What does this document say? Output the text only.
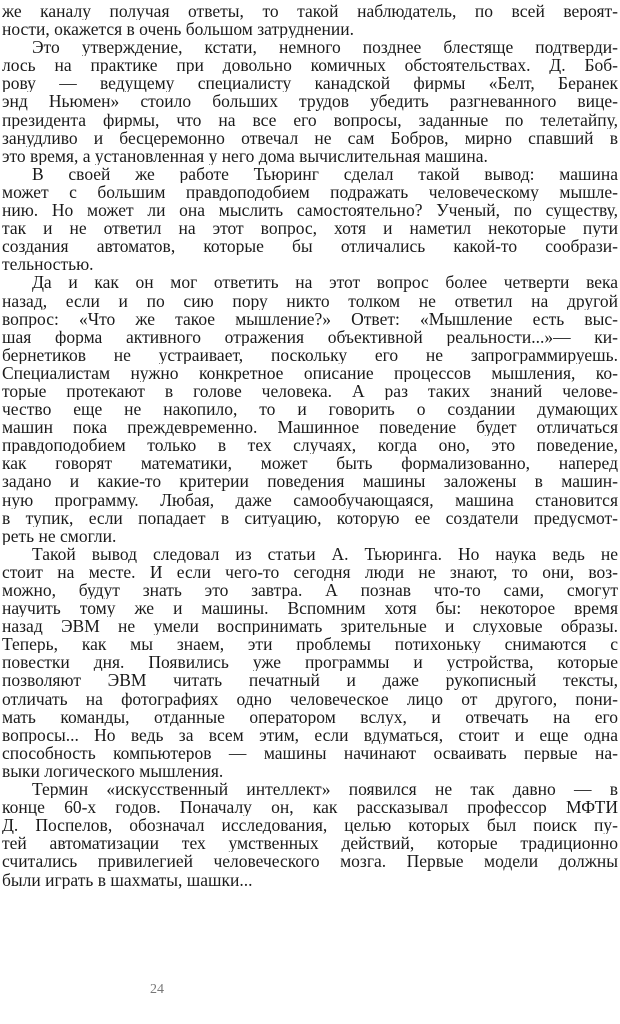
же каналу получая ответы, то такой наблюдатель, по всей вероят-
ности, окажется в очень большом затруднении.
Это утверждение, кстати, немного позднее блестяще подтверди-
лось на практике при довольно комичных обстоятельствах. Д. Боб-
рову — ведущему специалисту канадской фирмы «Белт, Беранек
энд Ньюмен» стоило больших трудов убедить разгневанного вице-
президента фирмы, что на все его вопросы, заданные по телетайпу,
занудливо и бесцеремонно отвечал не сам Бобров, мирно спавший в
это время, а установленная у него дома вычислительная машина.
В своей же работе Тьюринг сделал такой вывод: машина
может с большим правдоподобием подражать человеческому мышле-
нию. Но может ли она мыслить самостоятельно? Ученый, по существу,
так и не ответил на этот вопрос, хотя и наметил некоторые пути
создания автоматов, которые бы отличались какой-то сообрази-
тельностью.
Да и как он мог ответить на этот вопрос более четверти века
назад, если и по сию пору никто толком не ответил на другой
вопрос: «Что же такое мышление?» Ответ: «Мышление есть выс-
шая форма активного отражения объективной реальности...»— ки-
бернетиков не устраивает, поскольку его не запрограммируешь.
Специалистам нужно конкретное описание процессов мышления, ко-
торые протекают в голове человека. А раз таких знаний челове-
чество еще не накопило, то и говорить о создании думающих
машин пока преждевременно. Машинное поведение будет отличаться
правдоподобием только в тех случаях, когда оно, это поведение,
как говорят математики, может быть формализованно, наперед
задано и какие-то критерии поведения машины заложены в машин-
ную программу. Любая, даже самообучающаяся, машина становится
в тупик, если попадает в ситуацию, которую ее создатели предусмот-
реть не смогли.
Такой вывод следовал из статьи А. Тьюринга. Но наука ведь не
стоит на месте. И если чего-то сегодня люди не знают, то они, воз-
можно, будут знать это завтра. А познав что-то сами, смогут
научить тому же и машины. Вспомним хотя бы: некоторое время
назад ЭВМ не умели воспринимать зрительные и слуховые образы.
Теперь, как мы знаем, эти проблемы потихоньку снимаются с
повестки дня. Появились уже программы и устройства, которые
позволяют ЭВМ читать печатный и даже рукописный тексты,
отличать на фотографиях одно человеческое лицо от другого, пони-
мать команды, отданные оператором вслух, и отвечать на его
вопросы... Но ведь за всем этим, если вдуматься, стоит и еще одна
способность компьютеров — машины начинают осваивать первые на-
выки логического мышления.
Термин «искусственный интеллект» появился не так давно — в
конце 60-х годов. Поначалу он, как рассказывал профессор МФТИ
Д. Поспелов, обозначал исследования, целью которых был поиск пу-
тей автоматизации тех умственных действий, которые традиционно
считались привилегией человеческого мозга. Первые модели должны
были играть в шахматы, шашки...
24
